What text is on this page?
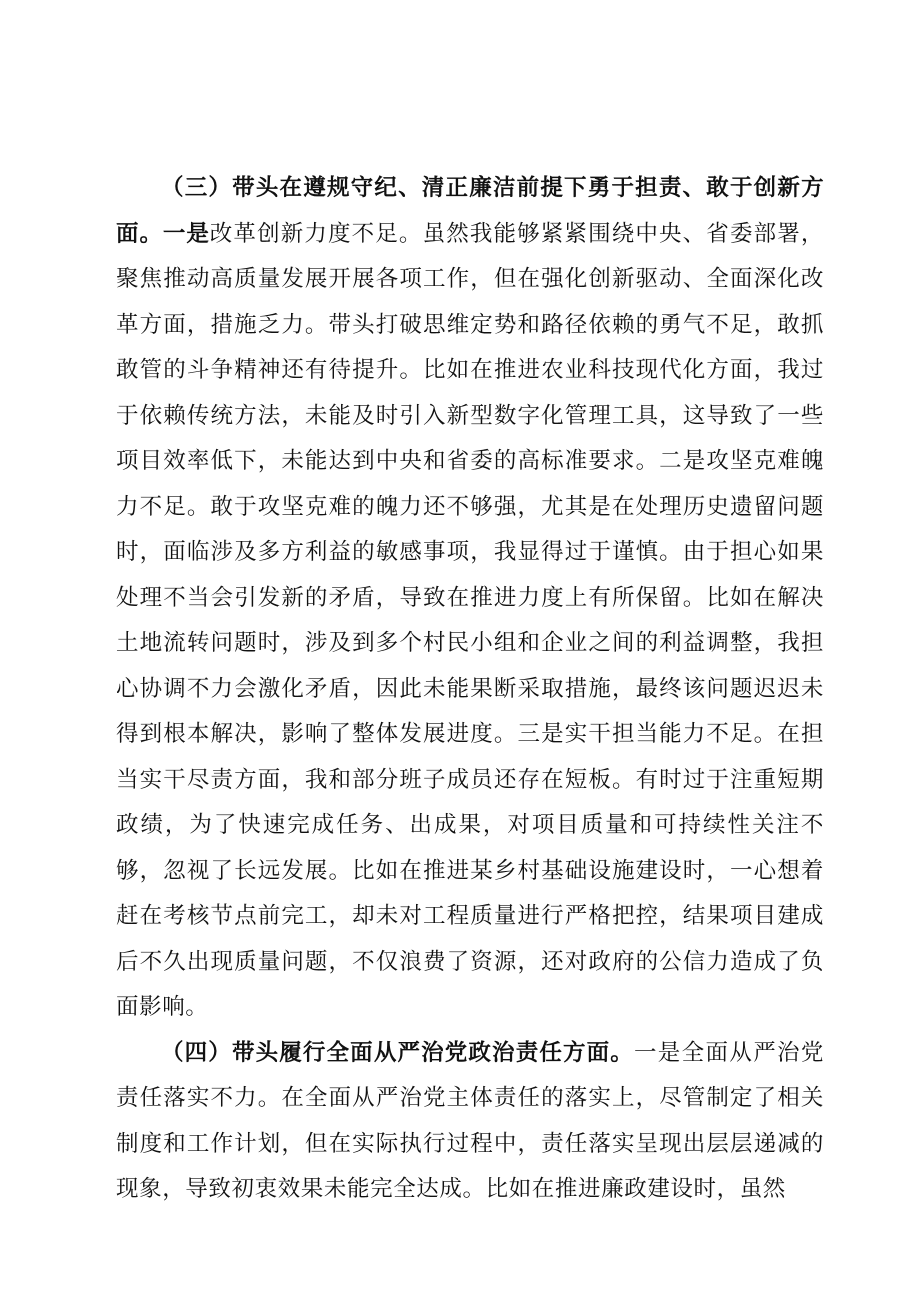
（三）带头在遵规守纪、清正廉洁前提下勇于担责、敢于创新方面。一是改革创新力度不足。虽然我能够紧紧围绕中央、省委部署，聚焦推动高质量发展开展各项工作，但在强化创新驱动、全面深化改革方面，措施乏力。带头打破思维定势和路径依赖的勇气不足，敢抓敢管的斗争精神还有待提升。比如在推进农业科技现代化方面，我过于依赖传统方法，未能及时引入新型数字化管理工具，这导致了一些项目效率低下，未能达到中央和省委的高标准要求。二是攻坚克难魄力不足。敢于攻坚克难的魄力还不够强，尤其是在处理历史遗留问题时，面临涉及多方利益的敏感事项，我显得过于谨慎。由于担心如果处理不当会引发新的矛盾，导致在推进力度上有所保留。比如在解决土地流转问题时，涉及到多个村民小组和企业之间的利益调整，我担心协调不力会激化矛盾，因此未能果断采取措施，最终该问题迟迟未得到根本解决，影响了整体发展进度。三是实干担当能力不足。在担当实干尽责方面，我和部分班子成员还存在短板。有时过于注重短期政绩，为了快速完成任务、出成果，对项目质量和可持续性关注不够，忽视了长远发展。比如在推进某乡村基础设施建设时，一心想着赶在考核节点前完工，却未对工程质量进行严格把控，结果项目建成后不久出现质量问题，不仅浪费了资源，还对政府的公信力造成了负面影响。

（四）带头履行全面从严治党政治责任方面。一是全面从严治党责任落实不力。在全面从严治党主体责任的落实上，尽管制定了相关制度和工作计划，但在实际执行过程中，责任落实呈现出层层递减的现象，导致初衷效果未能完全达成。比如在推进廉政建设时，虽然
